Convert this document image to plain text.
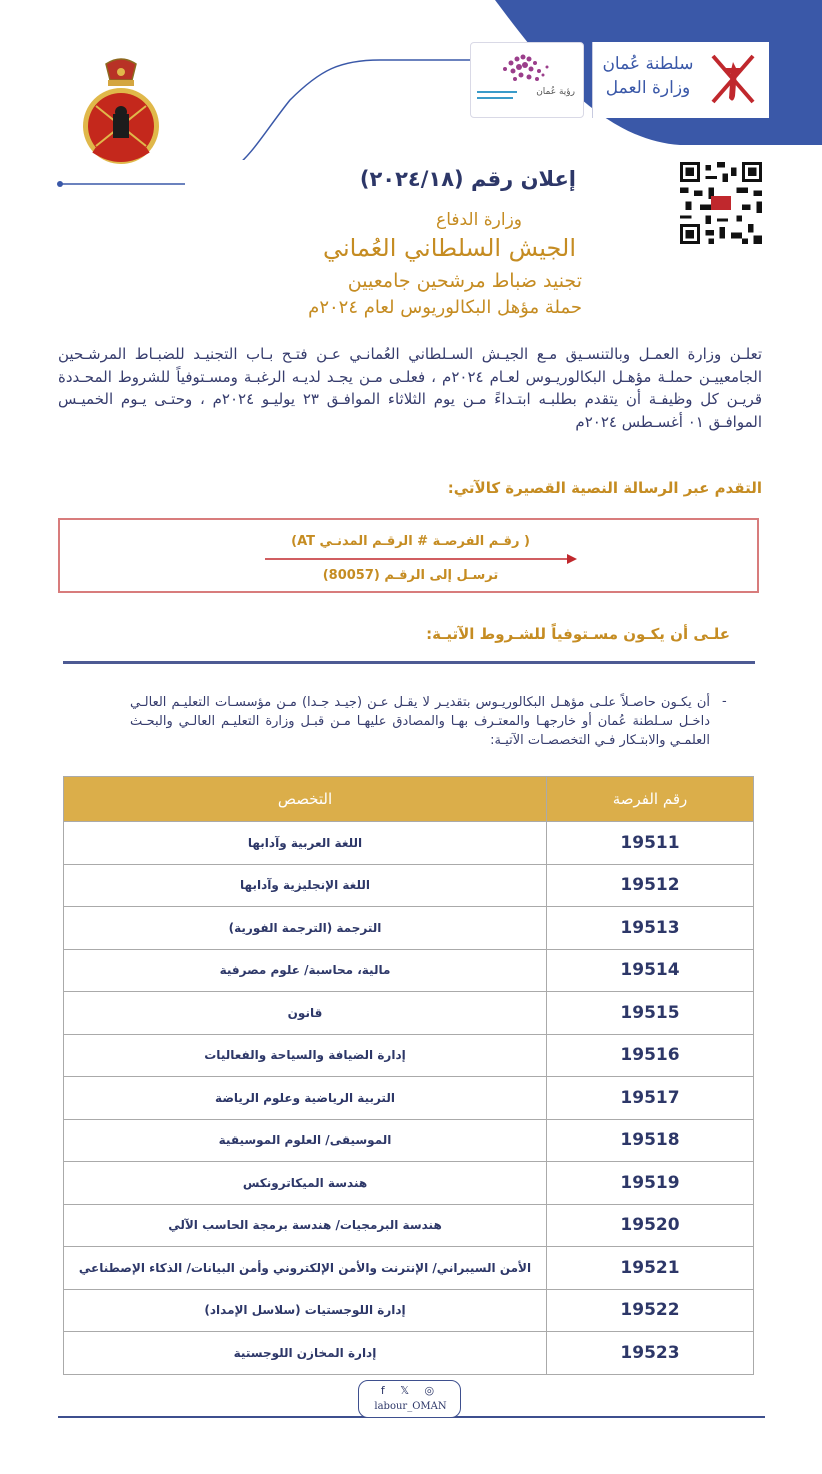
سلطنة عُمان
وزارة العمل
رؤية عُمان
إعلان رقم (٢٠٢٤/١٨)
وزارة الدفاع
الجيش السلطاني العُماني
تجنيد ضباط مرشحين جامعيين
حملة مؤهل البكالوريوس لعام ٢٠٢٤م
تعلـن وزارة العمـل وبالتنسـيق مـع الجيـش السـلطاني العُمانـي عـن فتـح بـاب التجنيـد للضبـاط المرشـحين الجامعييـن حملـة مؤهـل البكالوريـوس لعـام ٢٠٢٤م ، فعلـى مـن يجـد لديـه الرغبـة ومسـتوفياً للشروط المحـددة قريـن كل وظيفـة أن يتقدم بطلبـه ابتـداءً مـن يوم الثلاثاء الموافـق ٢٣ يوليـو ٢٠٢٤م ، وحتـى يـوم الخميـس الموافـق ٠١ أغسـطس ٢٠٢٤م
التقدم عبر الرسالة النصية القصيرة كالآتي:
( رقـم الفرصـة # الرقـم المدنـي AT)
ترسـل إلى الرقـم (80057)
علـى أن يكـون مسـتوفياً للشـروط الآتيـة:
-
أن يكـون حاصـلاً علـى مؤهـل البكالوريـوس بتقديـر لا يقـل عـن (جيـد جـدا) مـن مؤسسـات التعليـم العالـي داخـل سـلطنة عُمان أو خارجهـا والمعتـرف بهـا والمصادق عليهـا مـن قبـل وزارة التعليـم العالـي والبحـث العلمـي والابتـكار فـي التخصصـات الآتيـة:
رقم الفرصة	التخصص
19511	اللغة العربية وآدابها
19512	اللغة الإنجليزية وآدابها
19513	الترجمة (الترجمة الفورية)
19514	مالية، محاسبة/ علوم مصرفية
19515	قانون
19516	إدارة الضيافة والسياحة والفعاليات
19517	التربية الرياضية وعلوم الرياضة
19518	الموسيقى/ العلوم الموسيقية
19519	هندسة الميكاترونكس
19520	هندسة البرمجيات/ هندسة برمجة الحاسب الآلي
19521	الأمن السيبراني/ الإنترنت والأمن الإلكتروني وأمن البيانات/ الذكاء الإصطناعي
19522	إدارة اللوجستيات (سلاسل الإمداد)
19523	إدارة المخازن اللوجستية
f 𝕏 ◎
labour_OMAN
